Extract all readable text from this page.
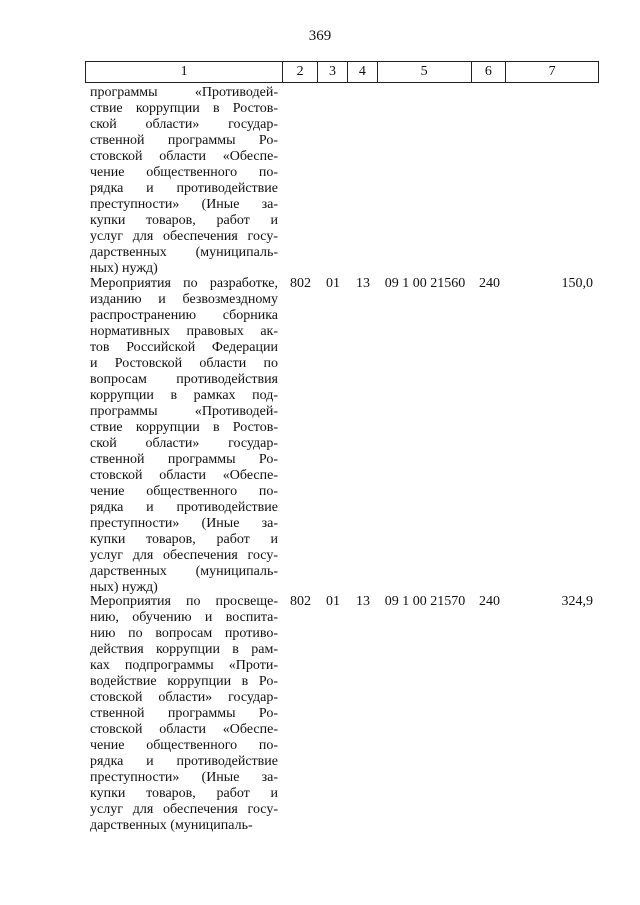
369
1	2	3	4	5	6	7
программы «Противодей-
ствие коррупции в Ростов-
ской области» государ-
ственной программы Ро-
стовской области «Обеспе-
чение общественного по-
рядка и противодействие
преступности» (Иные за-
купки товаров, работ и
услуг для обеспечения госу-
дарственных (муниципаль-
ных) нужд)
Мероприятия по разработке,
изданию и безвозмездному
распространению сборника
нормативных правовых ак-
тов Российской Федерации
и Ростовской области по
вопросам противодействия
коррупции в рамках под-
программы «Противодей-
ствие коррупции в Ростов-
ской области» государ-
ственной программы Ро-
стовской области «Обеспе-
чение общественного по-
рядка и противодействие
преступности» (Иные за-
купки товаров, работ и
услуг для обеспечения госу-
дарственных (муниципаль-
ных) нужд)
802	01	13	09 1 00 21560 240	150,0
Мероприятия по просвеще-
нию, обучению и воспита-
нию по вопросам противо-
действия коррупции в рам-
ках подпрограммы «Проти-
водействие коррупции в Ро-
стовской области» государ-
ственной программы Ро-
стовской области «Обеспе-
чение общественного по-
рядка и противодействие
преступности» (Иные за-
купки товаров, работ и
услуг для обеспечения госу-
дарственных (муниципаль-
802	01	13	09 1 00 21570 240	324,9
